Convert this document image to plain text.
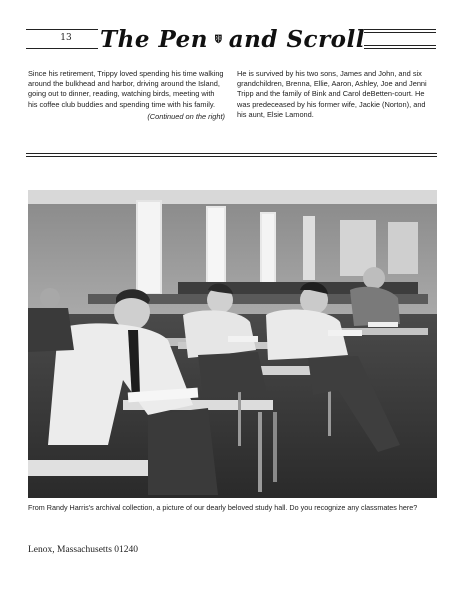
13 The Pen and Scroll

Since his retirement, Trippy loved spending his time walking around the bulkhead and harbor, driving around the Island, going out to dinner, reading, watching birds, meeting with his coffee club buddies and spending time with his family.

(Continued on the right)

He is survived by his two sons, James and John, and six grandchildren, Brenna, Ellie, Aaron, Ashley, Joe and Jenni Tripp and the family of Bink and Carol deBetten-court. He was predeceased by his former wife, Jackie (Norton), and his aunt, Elsie Lamond.

From Randy Harris's archival collection, a picture of our dearly beloved study hall. Do you recognize any classmates here?
Lenox, Massachusetts 01240
